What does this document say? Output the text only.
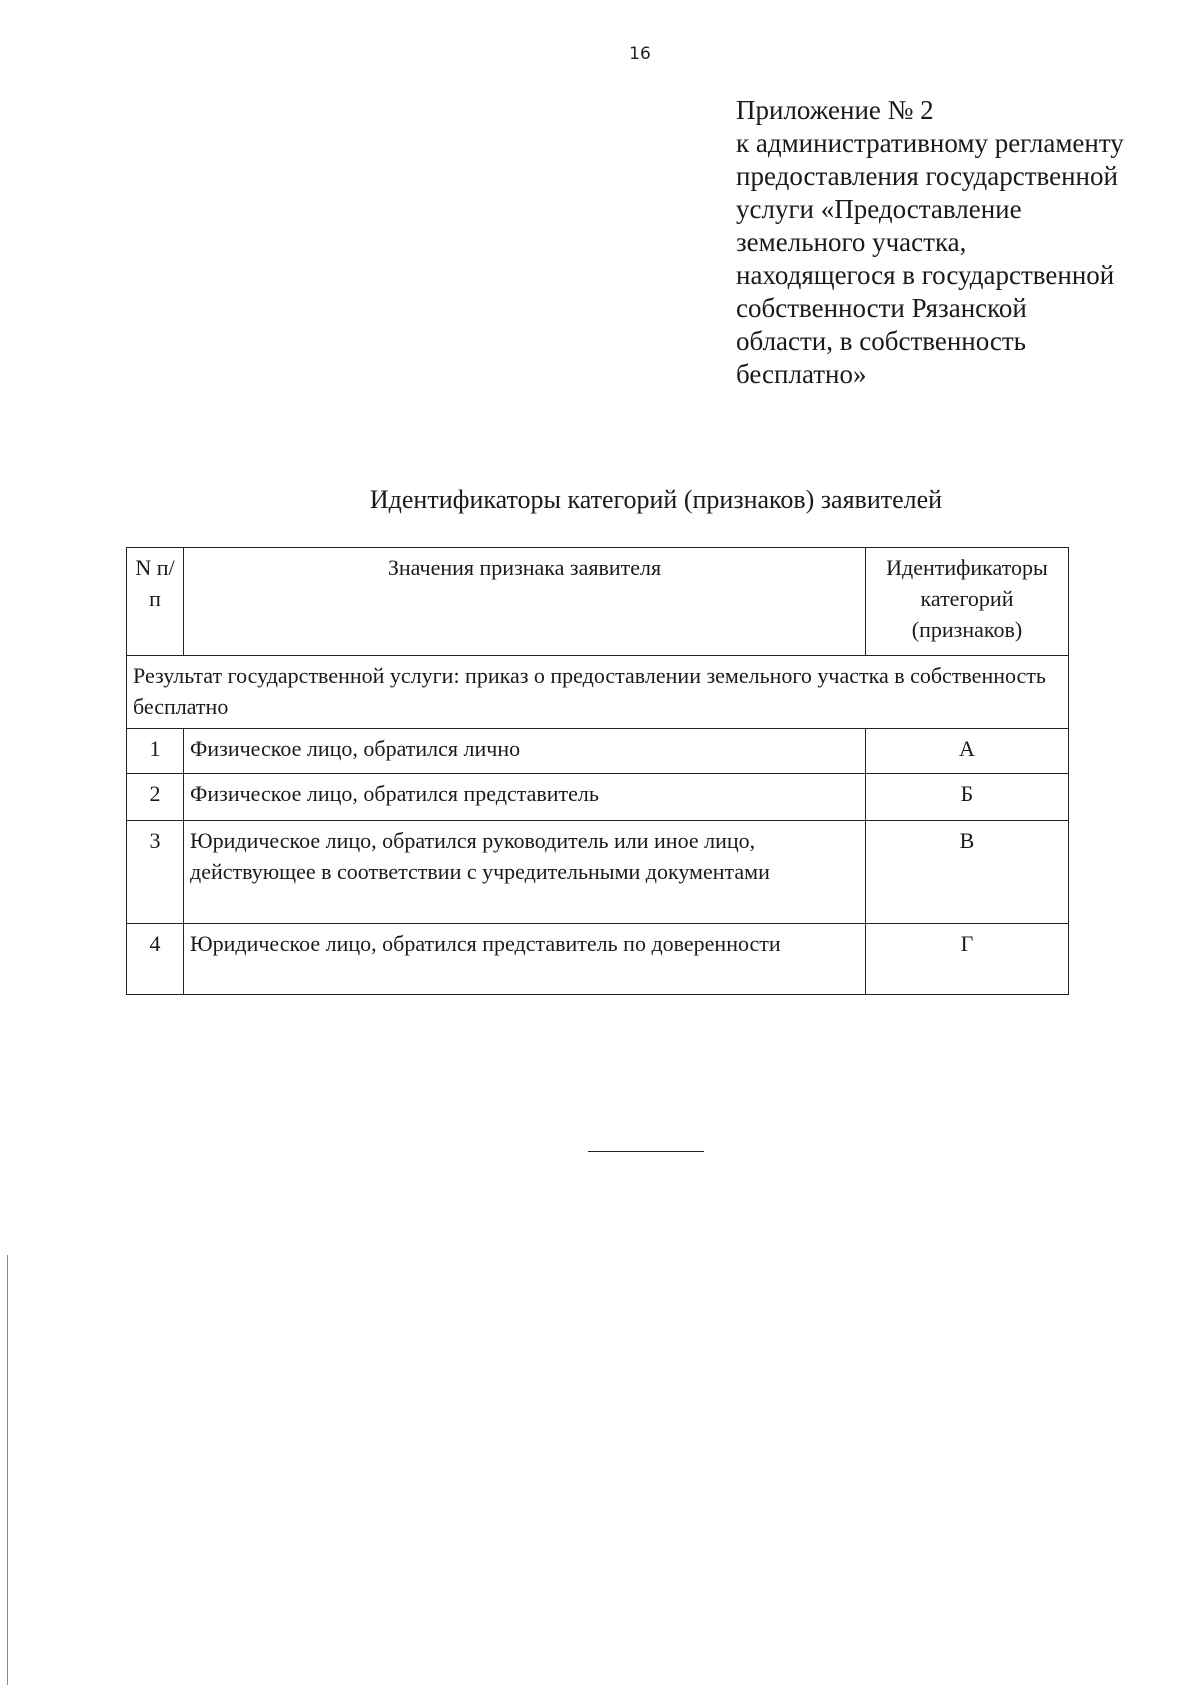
16
Приложение № 2
к административному регламенту
предоставления государственной
услуги «Предоставление
земельного участка,
находящегося в государственной
собственности Рязанской
области, в собственность
бесплатно»
Идентификаторы категорий (признаков) заявителей
N п/п	Значения признака заявителя	Идентификаторы категорий (признаков)
Результат государственной услуги: приказ о предоставлении земельного участка в собственность бесплатно		
1	Физическое лицо, обратился лично	А
2	Физическое лицо, обратился представитель	Б
3	Юридическое лицо, обратился руководитель или иное лицо, действующее в соответствии с учредительными документами	В
4	Юридическое лицо, обратился представитель по доверенности	Г
